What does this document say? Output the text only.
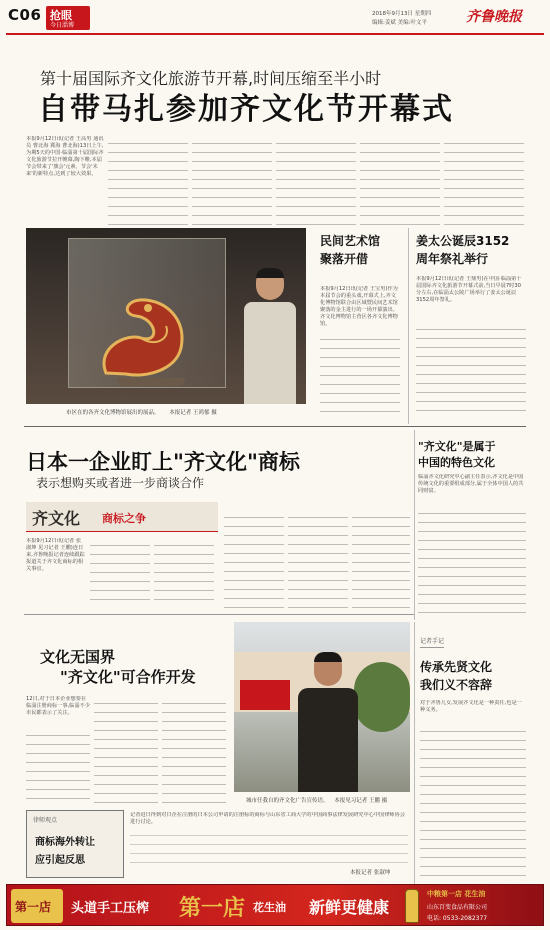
C06 抢眼
今日淄博
2018年9月13日 星期四
编辑:姜斌 美编:叶文平	齐鲁晚报
第十届国际齐文化旅游节开幕,时间压缩至半小时
自带马扎参加齐文化节开幕式
本报9月12日讯(记者 王高男 通讯员 曹北海 冀海 曹北海)13日上午,为期5天的中国·临淄第十届国际齐文化旅游节拉开帷幕,陶下帷,本届节会带来了'旗会'元素、节会'未来'的新特点,达到了较大效果。
市区在的各齐文化博物馆展出的展品。 本报记者 王鸿郁 摄
民间艺术馆
聚落开借
本报9月12日讯(记者 王宝男)作为本届节会的重头戏,开幕式上,齐文化博物馆联合由区域暨民间艺术馆聚落的金主进行的一场开幕演出。齐文化博物馆主营区各齐文化博物馆。
姜太公诞辰3152
周年祭礼举行
本报9月12日讯(记者 王鼎男)在中国·临淄第十届国际齐文化旅游节开幕式前,当日早晨7时30分左右,在临淄太公陵广场举行了姜太公诞辰3152周年祭礼。
日本一企业盯上"齐文化"商标
表示想购买或者进一步商谈合作
齐文化 商标之争
本报9月12日讯(记者 张淑坤 见习记者 王鹏)连日来,齐鲁晚报记者连续跟踪报道关于齐文化商标的相关事宜。
"齐文化"是属于
中国的特色文化
临淄齐文化研究中心副主任表示,齐文化是中国传统文化的重要组成部分,属于全体中国人的共同财富。
文化无国界
"齐文化"可合作开发
12日,对于日本企业想要在临淄注册商标一事,临淄不少市民都表示了关注。
城市任我自的齐文化广告宣传语。 本报见习记者 王鹏 摄
记者手记
传承先贤文化
我们义不容辞
对于齐鲁儿女,发展齐文化是一种责任,也是一种义务。
律师观点
商标海外转让
应引起反思
记者进日得到对日企在注册的日本公司申请的注册标的商标与山东省工商大学的中国商事法律发展研究中心中国律师协会进行讨论。
本报记者 张淑坤
第一店 头道手工压榨 第一店 花生油 新鲜更健康
中粮第一店 花生油
山东百变食品有限公司
电话: 0533-2082377
